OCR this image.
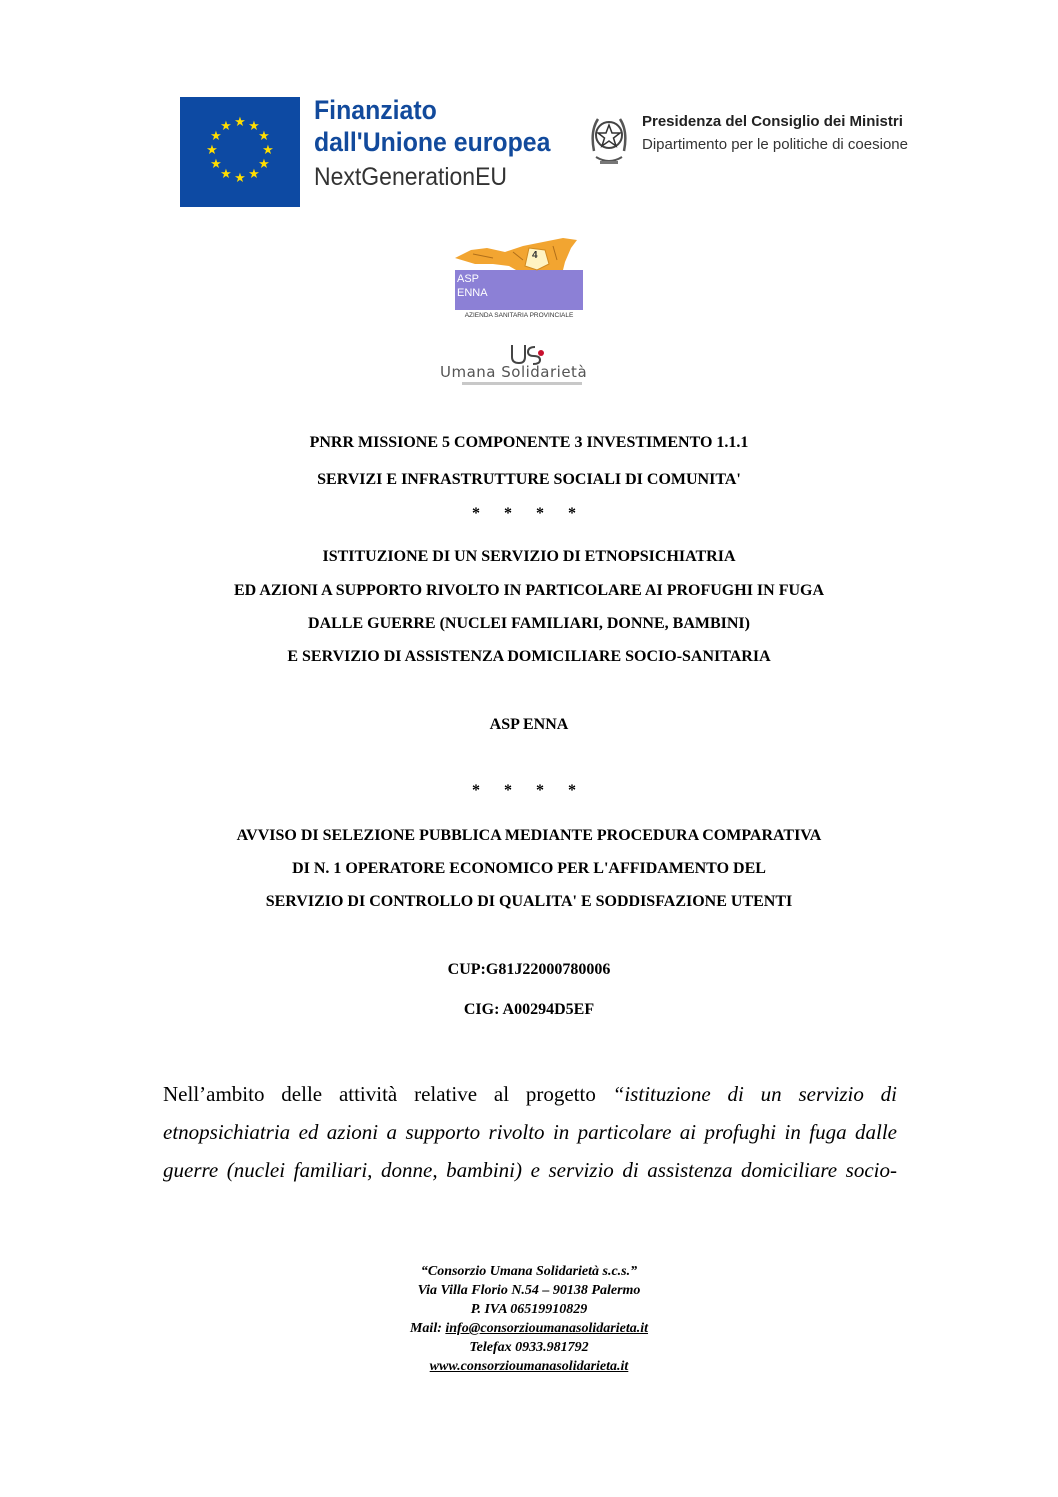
★ ★
★
★
★
★
★
★
★
★
★
★
Finanziato
dall'Unione europea
NextGenerationEU
Presidenza del Consiglio dei Ministri
Dipartimento per le politiche di coesione
4
ASP
ENNA
AZIENDA SANITARIA PROVINCIALE
Umana Solidarietà
PNRR MISSIONE 5 COMPONENTE 3 INVESTIMENTO 1.1.1
SERVIZI E INFRASTRUTTURE SOCIALI DI COMUNITA'
* * * *
ISTITUZIONE DI UN SERVIZIO DI ETNOPSICHIATRIA
ED AZIONI A SUPPORTO RIVOLTO IN PARTICOLARE AI PROFUGHI IN FUGA
DALLE GUERRE (NUCLEI FAMILIARI, DONNE, BAMBINI)
E SERVIZIO DI ASSISTENZA DOMICILIARE SOCIO-SANITARIA
ASP ENNA
* * * *
AVVISO DI SELEZIONE PUBBLICA MEDIANTE PROCEDURA COMPARATIVA
DI N. 1 OPERATORE ECONOMICO PER L'AFFIDAMENTO DEL
SERVIZIO DI CONTROLLO DI QUALITA' E SODDISFAZIONE UTENTI
CUP:G81J22000780006
CIG: A00294D5EF
Nell’ambito delle attività relative al progetto “istituzione di un servizio di
etnopsichiatria ed azioni a supporto rivolto in particolare ai profughi in fuga dalle
guerre (nuclei familiari, donne, bambini) e servizio di assistenza domiciliare socio-
“Consorzio Umana Solidarietà s.c.s.”
Via Villa Florio N.54 – 90138 Palermo
P. IVA 06519910829
Mail: info@consorzioumanasolidarieta.it
Telefax 0933.981792
www.consorzioumanasolidarieta.it
